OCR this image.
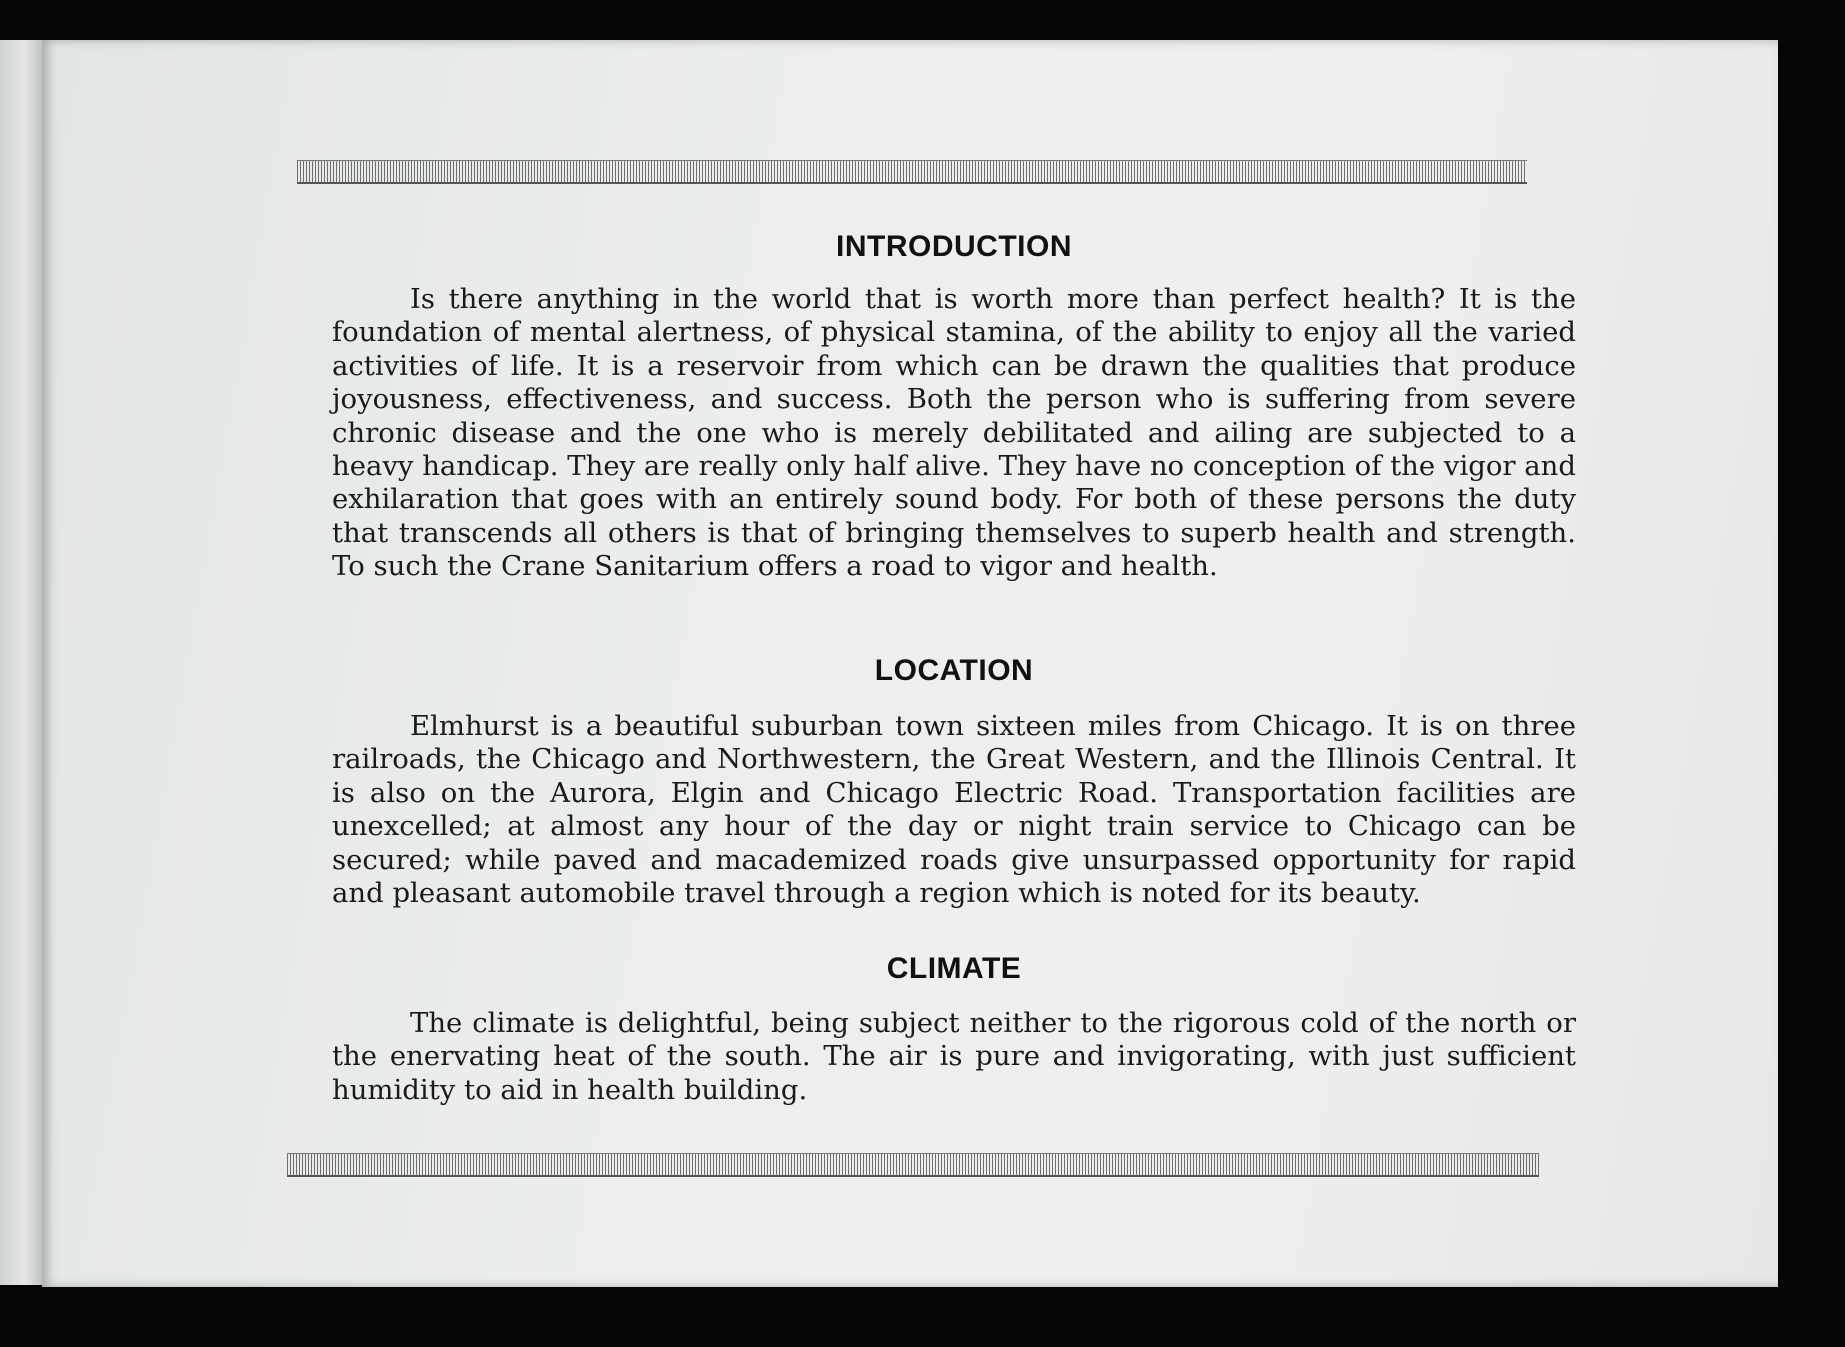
INTRODUCTION

Is there anything in the world that is worth more than perfect health? It is the foundation of mental alertness, of physical stamina, of the ability to enjoy all the varied activities of life. It is a reservoir from which can be drawn the qualities that produce joyousness, effectiveness, and success. Both the person who is suffering from severe chronic disease and the one who is merely debilitated and ailing are subjected to a heavy handicap. They are really only half alive. They have no conception of the vigor and exhilaration that goes with an entirely sound body. For both of these persons the duty that transcends all others is that of bringing themselves to superb health and strength. To such the Crane Sanitarium offers a road to vigor and health.

LOCATION

Elmhurst is a beautiful suburban town sixteen miles from Chicago. It is on three railroads, the Chicago and Northwestern, the Great Western, and the Illinois Central. It is also on the Aurora, Elgin and Chicago Electric Road. Transportation facilities are unexcelled; at almost any hour of the day or night train service to Chicago can be secured; while paved and macademized roads give unsurpassed opportunity for rapid and pleasant automobile travel through a region which is noted for its beauty.

CLIMATE

The climate is delightful, being subject neither to the rigorous cold of the north or the enervating heat of the south. The air is pure and invigorating, with just sufficient humidity to aid in health building.
